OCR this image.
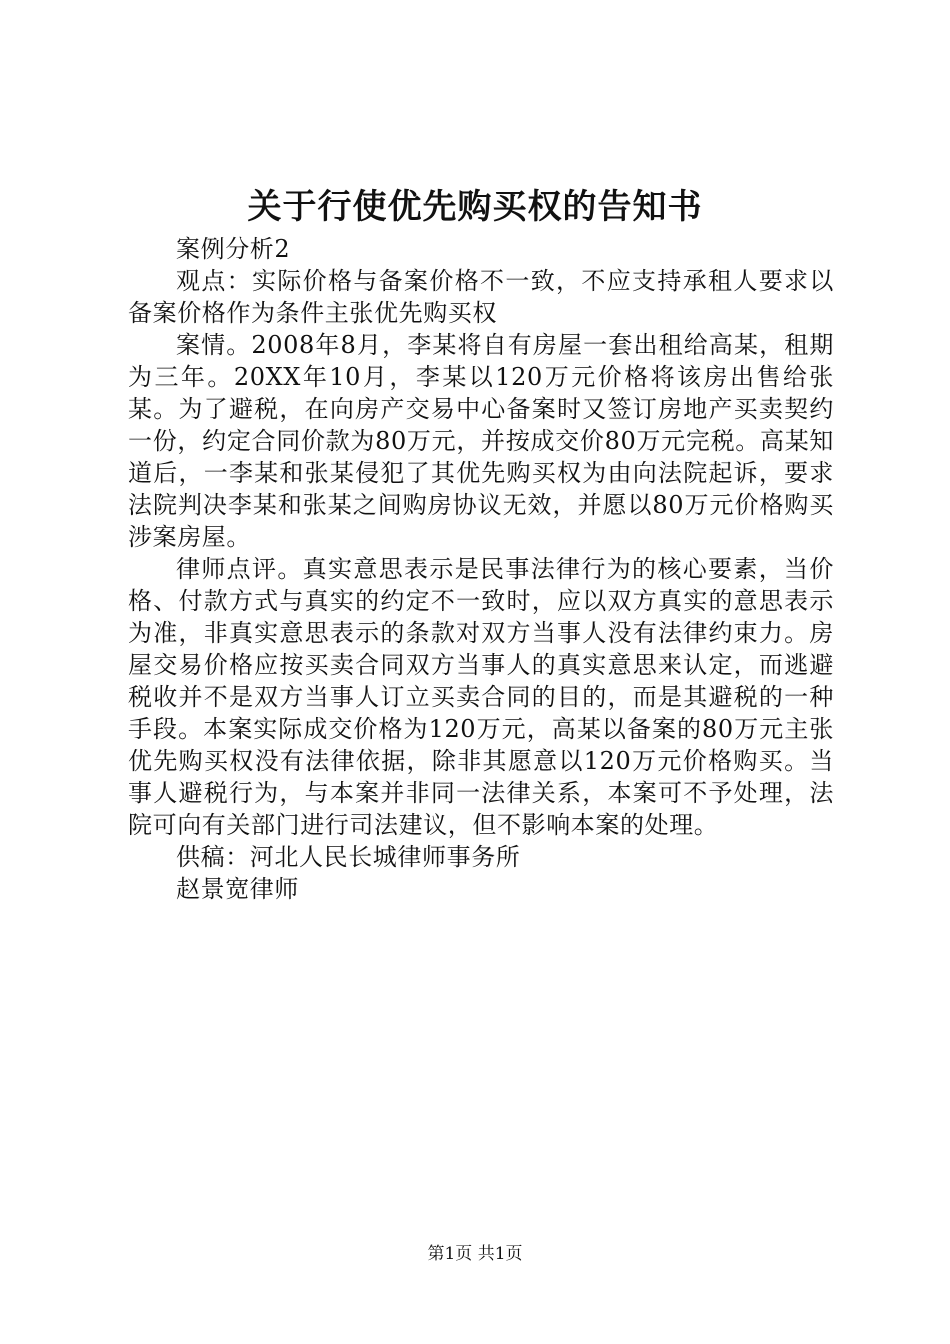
关于行使优先购买权的告知书

案例分析2

观点：实际价格与备案价格不一致，不应支持承租人要求以备案价格作为条件主张优先购买权

案情。2008年8月，李某将自有房屋一套出租给高某，租期为三年。20XX年10月，李某以120万元价格将该房出售给张某。为了避税，在向房产交易中心备案时又签订房地产买卖契约一份，约定合同价款为80万元，并按成交价80万元完税。高某知道后，一李某和张某侵犯了其优先购买权为由向法院起诉，要求法院判决李某和张某之间购房协议无效，并愿以80万元价格购买涉案房屋。

律师点评。真实意思表示是民事法律行为的核心要素，当价格、付款方式与真实的约定不一致时，应以双方真实的意思表示为准，非真实意思表示的条款对双方当事人没有法律约束力。房屋交易价格应按买卖合同双方当事人的真实意思来认定，而逃避税收并不是双方当事人订立买卖合同的目的，而是其避税的一种手段。本案实际成交价格为120万元，高某以备案的80万元主张优先购买权没有法律依据，除非其愿意以120万元价格购买。当事人避税行为，与本案并非同一法律关系，本案可不予处理，法院可向有关部门进行司法建议，但不影响本案的处理。

供稿：河北人民长城律师事务所

赵景宽律师

第1页 共1页
